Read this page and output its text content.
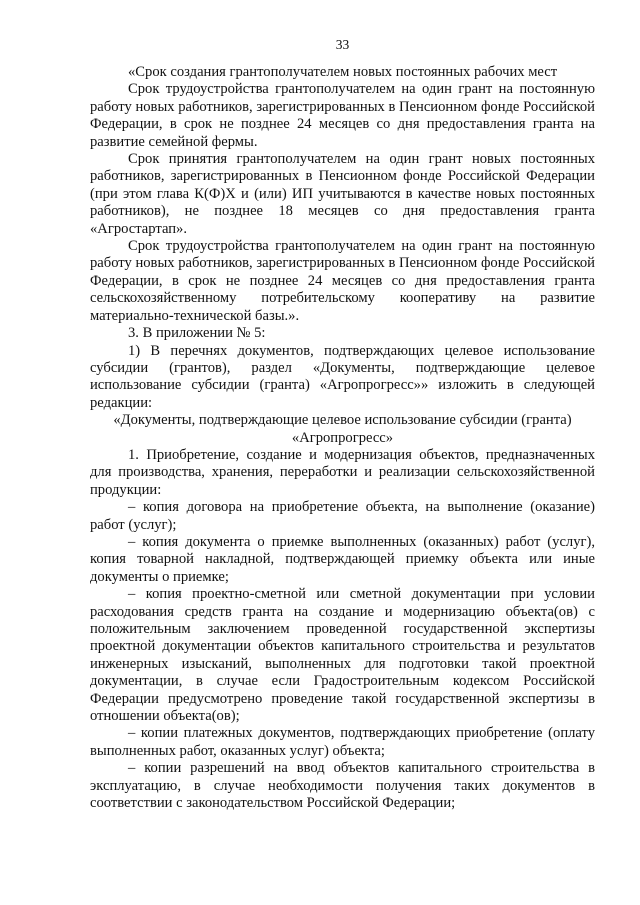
33

«Срок создания грантополучателем новых постоянных рабочих мест

Срок трудоустройства грантополучателем на один грант на постоянную работу новых работников, зарегистрированных в Пенсионном фонде Российской Федерации, в срок не позднее 24 месяцев со дня предоставления гранта на развитие семейной фермы.

Срок принятия грантополучателем на один грант новых постоянных работников, зарегистрированных в Пенсионном фонде Российской Федерации (при этом глава К(Ф)Х и (или) ИП учитываются в качестве новых постоянных работников), не позднее 18 месяцев со дня предоставления гранта «Агростартап».

Срок трудоустройства грантополучателем на один грант на постоянную работу новых работников, зарегистрированных в Пенсионном фонде Российской Федерации, в срок не позднее 24 месяцев со дня предоставления гранта сельскохозяйственному потребительскому кооперативу на развитие материально-технической базы.».

3. В приложении № 5:

1) В перечнях документов, подтверждающих целевое использование субсидии (грантов), раздел «Документы, подтверждающие целевое использование субсидии (гранта) «Агропрогресс»» изложить в следующей редакции:

«Документы, подтверждающие целевое использование субсидии (гранта) «Агропрогресс»

1. Приобретение, создание и модернизация объектов, предназначенных для производства, хранения, переработки и реализации сельскохозяйственной продукции:

– копия договора на приобретение объекта, на выполнение (оказание) работ (услуг);

– копия документа о приемке выполненных (оказанных) работ (услуг), копия товарной накладной, подтверждающей приемку объекта или иные документы о приемке;

– копия проектно-сметной или сметной документации при условии расходования средств гранта на создание и модернизацию объекта(ов) с положительным заключением проведенной государственной экспертизы проектной документации объектов капитального строительства и результатов инженерных изысканий, выполненных для подготовки такой проектной документации, в случае если Градостроительным кодексом Российской Федерации предусмотрено проведение такой государственной экспертизы в отношении объекта(ов);

– копии платежных документов, подтверждающих приобретение (оплату выполненных работ, оказанных услуг) объекта;

– копии разрешений на ввод объектов капитального строительства в эксплуатацию, в случае необходимости получения таких документов в соответствии с законодательством Российской Федерации;
